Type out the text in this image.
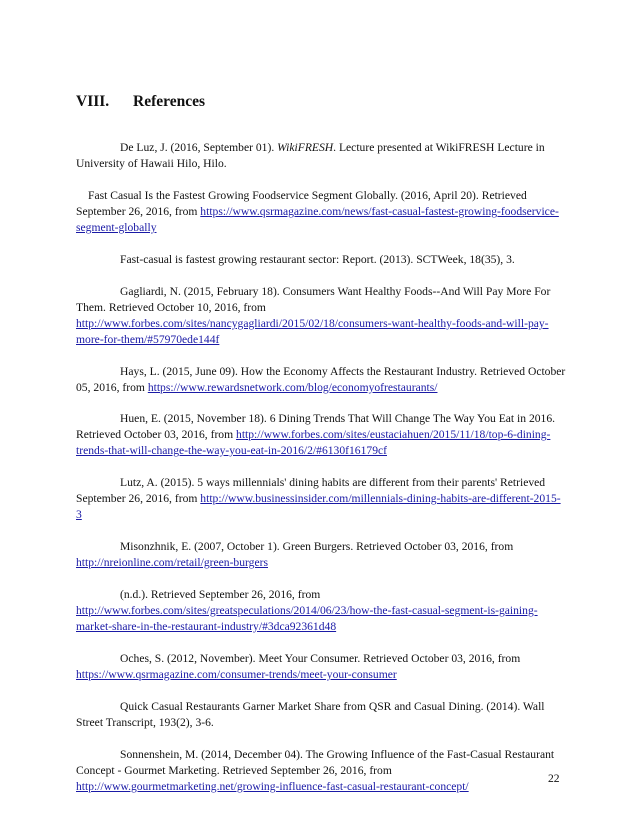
VIII. References

De Luz, J. (2016, September 01). WikiFRESH. Lecture presented at WikiFRESH Lecture in University of Hawaii Hilo, Hilo.

Fast Casual Is the Fastest Growing Foodservice Segment Globally. (2016, April 20). Retrieved September 26, 2016, from https://www.qsrmagazine.com/news/fast-casual-fastest-growing-foodservice-segment-globally

Fast-casual is fastest growing restaurant sector: Report. (2013). SCTWeek, 18(35), 3.

Gagliardi, N. (2015, February 18). Consumers Want Healthy Foods--And Will Pay More For Them. Retrieved October 10, 2016, from http://www.forbes.com/sites/nancygagliardi/2015/02/18/consumers-want-healthy-foods-and-will-pay-more-for-them/#57970ede144f

Hays, L. (2015, June 09). How the Economy Affects the Restaurant Industry. Retrieved October 05, 2016, from https://www.rewardsnetwork.com/blog/economyofrestaurants/

Huen, E. (2015, November 18). 6 Dining Trends That Will Change The Way You Eat in 2016. Retrieved October 03, 2016, from http://www.forbes.com/sites/eustaciahuen/2015/11/18/top-6-dining-trends-that-will-change-the-way-you-eat-in-2016/2/#6130f16179cf

Lutz, A. (2015). 5 ways millennials' dining habits are different from their parents' Retrieved September 26, 2016, from http://www.businessinsider.com/millennials-dining-habits-are-different-2015-3

Misonzhnik, E. (2007, October 1). Green Burgers. Retrieved October 03, 2016, from http://nreionline.com/retail/green-burgers

(n.d.). Retrieved September 26, 2016, from http://www.forbes.com/sites/greatspeculations/2014/06/23/how-the-fast-casual-segment-is-gaining-market-share-in-the-restaurant-industry/#3dca92361d48

Oches, S. (2012, November). Meet Your Consumer. Retrieved October 03, 2016, from https://www.qsrmagazine.com/consumer-trends/meet-your-consumer

Quick Casual Restaurants Garner Market Share from QSR and Casual Dining. (2014). Wall Street Transcript, 193(2), 3-6.

Sonnenshein, M. (2014, December 04). The Growing Influence of the Fast-Casual Restaurant Concept - Gourmet Marketing. Retrieved September 26, 2016, from http://www.gourmetmarketing.net/growing-influence-fast-casual-restaurant-concept/

22
